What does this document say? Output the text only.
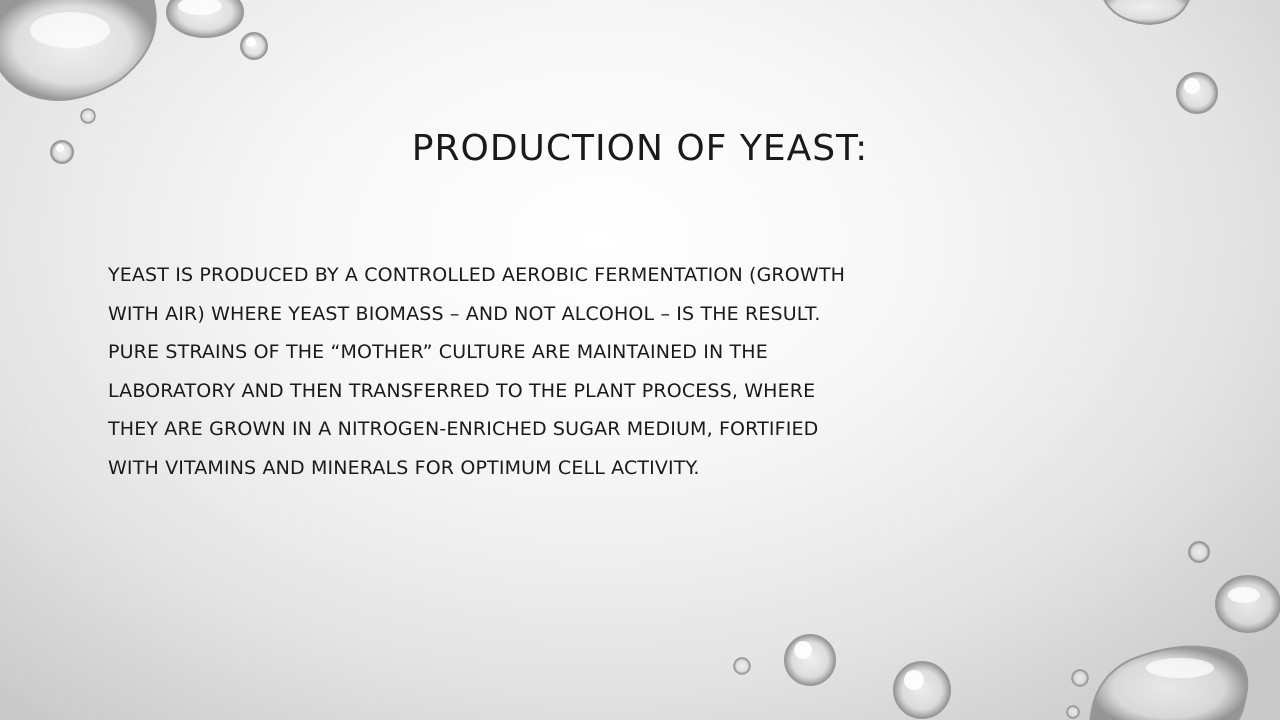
PRODUCTION OF YEAST:

YEAST IS PRODUCED BY A CONTROLLED AEROBIC FERMENTATION (GROWTH
WITH AIR) WHERE YEAST BIOMASS – AND NOT ALCOHOL – IS THE RESULT.
PURE STRAINS OF THE “MOTHER” CULTURE ARE MAINTAINED IN THE
LABORATORY AND THEN TRANSFERRED TO THE PLANT PROCESS, WHERE
THEY ARE GROWN IN A NITROGEN-ENRICHED SUGAR MEDIUM, FORTIFIED
WITH VITAMINS AND MINERALS FOR OPTIMUM CELL ACTIVITY.
